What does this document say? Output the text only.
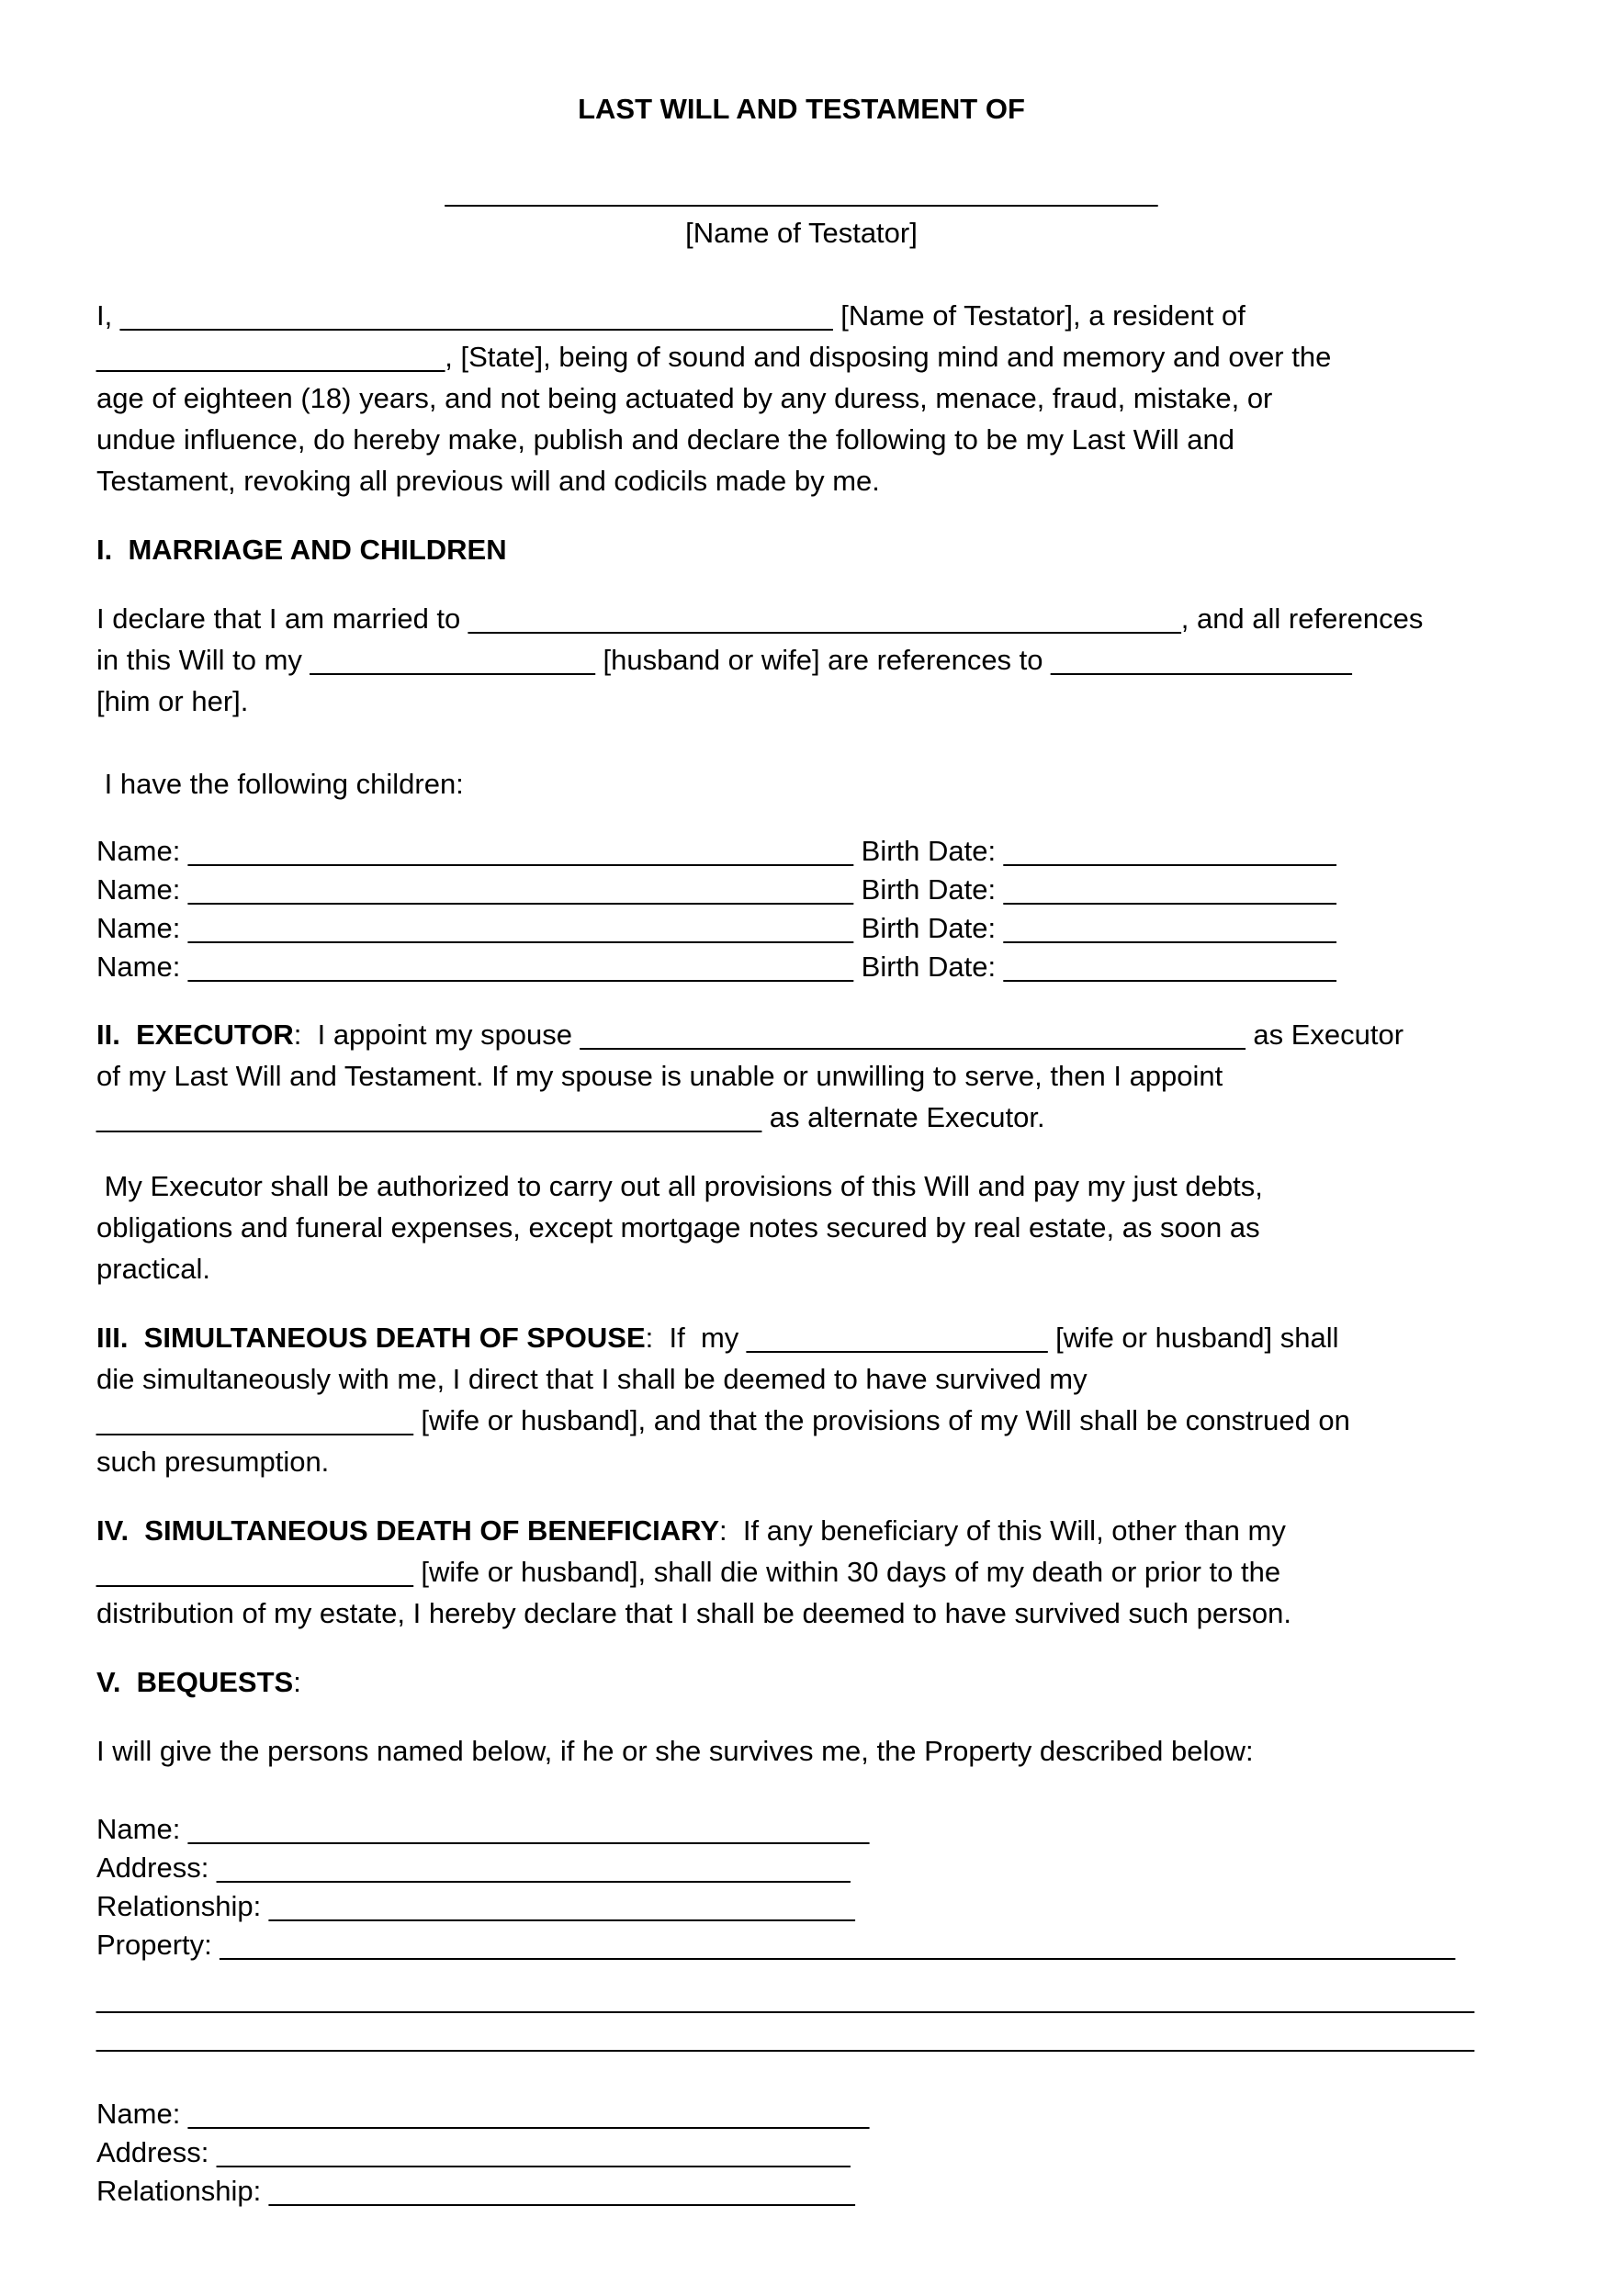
LAST WILL AND TESTAMENT OF
_____________________________________________
[Name of Testator]
I, _____________________________________________ [Name of Testator], a resident of
______________________, [State], being of sound and disposing mind and memory and over the
age of eighteen (18) years, and not being actuated by any duress, menace, fraud, mistake, or
undue influence, do hereby make, publish and declare the following to be my Last Will and
Testament, revoking all previous will and codicils made by me.
I.  MARRIAGE AND CHILDREN
I declare that I am married to _____________________________________________, and all references
in this Will to my __________________ [husband or wife] are references to ___________________
[him or her].
I have the following children:
Name: __________________________________________ Birth Date: _____________________
Name: __________________________________________ Birth Date: _____________________
Name: __________________________________________ Birth Date: _____________________
Name: __________________________________________ Birth Date: _____________________
II.  EXECUTOR:  I appoint my spouse __________________________________________ as Executor
of my Last Will and Testament. If my spouse is unable or unwilling to serve, then I appoint
__________________________________________ as alternate Executor.
My Executor shall be authorized to carry out all provisions of this Will and pay my just debts,
obligations and funeral expenses, except mortgage notes secured by real estate, as soon as
practical.
III.  SIMULTANEOUS DEATH OF SPOUSE:  If  my ___________________ [wife or husband] shall
die simultaneously with me, I direct that I shall be deemed to have survived my
____________________ [wife or husband], and that the provisions of my Will shall be construed on
such presumption.
IV.  SIMULTANEOUS DEATH OF BENEFICIARY:  If any beneficiary of this Will, other than my
____________________ [wife or husband], shall die within 30 days of my death or prior to the
distribution of my estate, I hereby declare that I shall be deemed to have survived such person.
V.  BEQUESTS:
I will give the persons named below, if he or she survives me, the Property described below:
Name: ___________________________________________
Address: ________________________________________
Relationship: _____________________________________
Property: ______________________________________________________________________________
_______________________________________________________________________________________
_______________________________________________________________________________________
Name: ___________________________________________
Address: ________________________________________
Relationship: _____________________________________
